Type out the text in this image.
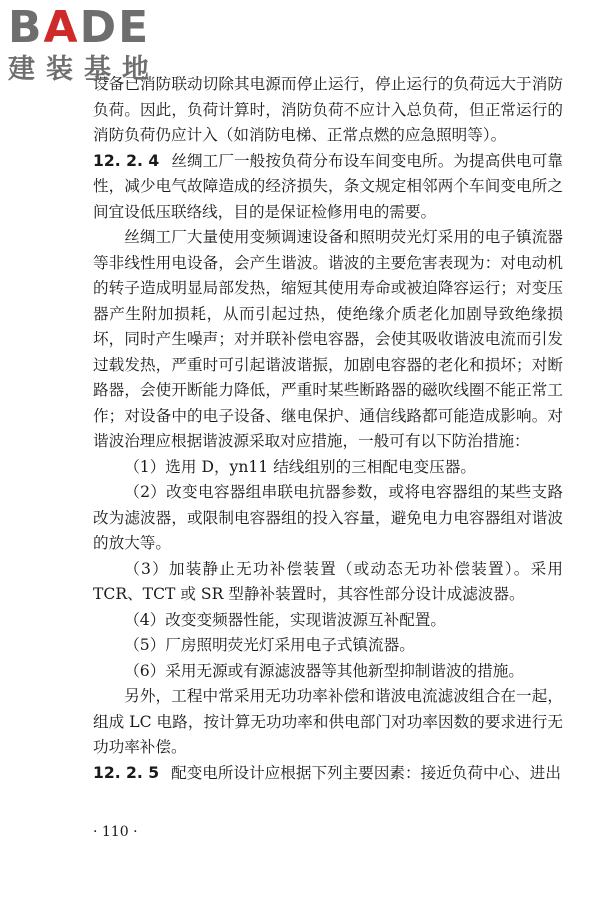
BADE
建装基地

设备已消防联动切除其电源而停止运行，停止运行的负荷远大于消防负荷。因此，负荷计算时，消防负荷不应计入总负荷，但正常运行的消防负荷仍应计入（如消防电梯、正常点燃的应急照明等）。

12. 2. 4 丝绸工厂一般按负荷分布设车间变电所。为提高供电可靠性，减少电气故障造成的经济损失，条文规定相邻两个车间变电所之间宜设低压联络线，目的是保证检修用电的需要。

丝绸工厂大量使用变频调速设备和照明荧光灯采用的电子镇流器等非线性用电设备，会产生谐波。谐波的主要危害表现为：对电动机的转子造成明显局部发热，缩短其使用寿命或被迫降容运行；对变压器产生附加损耗，从而引起过热，使绝缘介质老化加剧导致绝缘损坏，同时产生噪声；对并联补偿电容器，会使其吸收谐波电流而引发过载发热，严重时可引起谐波谐振，加剧电容器的老化和损坏；对断路器，会使开断能力降低，严重时某些断路器的磁吹线圈不能正常工作；对设备中的电子设备、继电保护、通信线路都可能造成影响。对谐波治理应根据谐波源采取对应措施，一般可有以下防治措施：

（1）选用 D，yn11 结线组别的三相配电变压器。

（2）改变电容器组串联电抗器参数，或将电容器组的某些支路改为滤波器，或限制电容器组的投入容量，避免电力电容器组对谐波的放大等。

（3）加装静止无功补偿装置（或动态无功补偿装置）。采用 TCR、TCT 或 SR 型静补装置时，其容性部分设计成滤波器。

（4）改变变频器性能，实现谐波源互补配置。

（5）厂房照明荧光灯采用电子式镇流器。

（6）采用无源或有源滤波器等其他新型抑制谐波的措施。

另外，工程中常采用无功功率补偿和谐波电流滤波组合在一起，组成 LC 电路，按计算无功功率和供电部门对功率因数的要求进行无功功率补偿。

12. 2. 5 配变电所设计应根据下列主要因素：接近负荷中心、进出

· 110 ·
